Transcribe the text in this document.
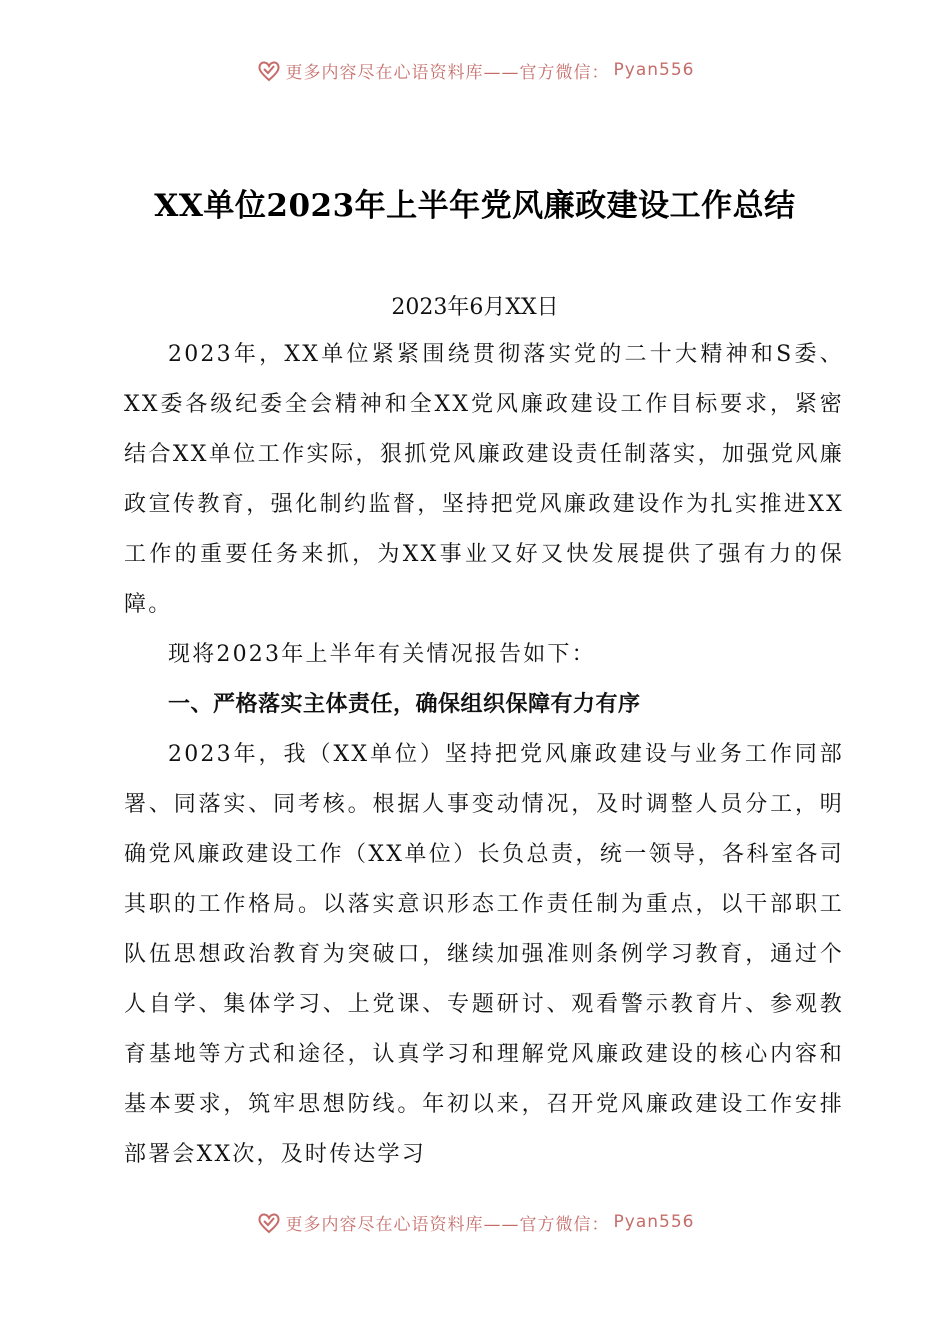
更多内容尽在心语资料库——官方微信： Pyan556
XX单位2023年上半年党风廉政建设工作总结
2023年6月XX日

2023年，XX单位紧紧围绕贯彻落实党的二十大精神和S委、XX委各级纪委全会精神和全XX党风廉政建设工作目标要求，紧密结合XX单位工作实际，狠抓党风廉政建设责任制落实，加强党风廉政宣传教育，强化制约监督，坚持把党风廉政建设作为扎实推进XX工作的重要任务来抓，为XX事业又好又快发展提供了强有力的保障。

现将2023年上半年有关情况报告如下：

一、严格落实主体责任，确保组织保障有力有序

2023年，我（XX单位）坚持把党风廉政建设与业务工作同部署、同落实、同考核。根据人事变动情况，及时调整人员分工，明确党风廉政建设工作（XX单位）长负总责，统一领导，各科室各司其职的工作格局。以落实意识形态工作责任制为重点，以干部职工队伍思想政治教育为突破口，继续加强准则条例学习教育，通过个人自学、集体学习、上党课、专题研讨、观看警示教育片、参观教育基地等方式和途径，认真学习和理解党风廉政建设的核心内容和基本要求，筑牢思想防线。年初以来，召开党风廉政建设工作安排部署会XX次，及时传达学习

更多内容尽在心语资料库——官方微信： Pyan556
